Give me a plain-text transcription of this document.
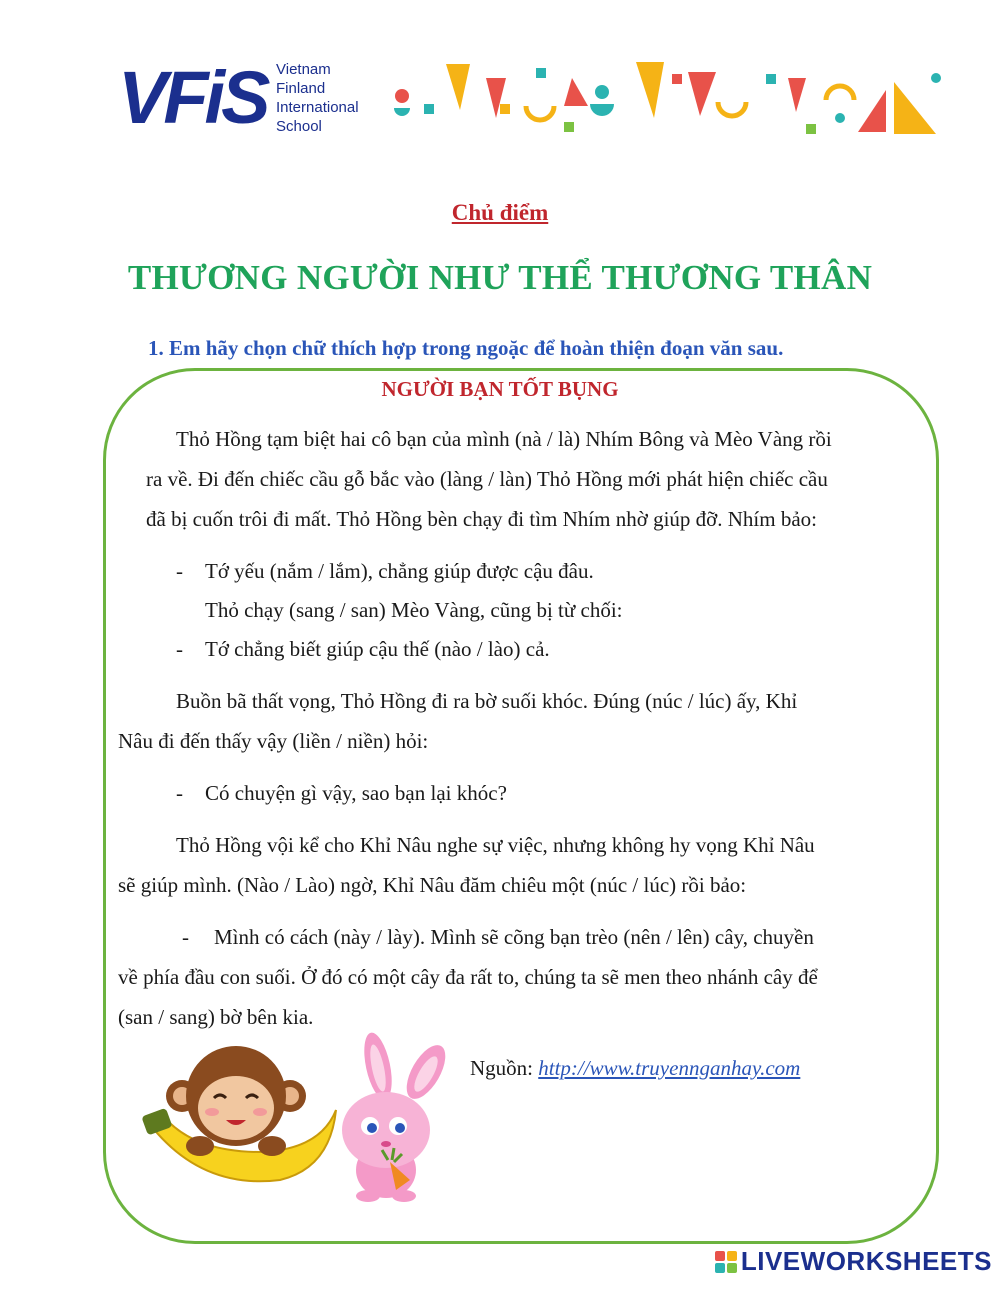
VFiS Vietnam
Finland
International
School
Chủ điểm
THƯƠNG NGƯỜI NHƯ THỂ THƯƠNG THÂN
1. Em hãy chọn chữ thích hợp trong ngoặc để hoàn thiện đoạn văn sau.
NGƯỜI BẠN TỐT BỤNG
Thỏ Hồng tạm biệt hai cô bạn của mình (nà / là) Nhím Bông và Mèo Vàng rồi
ra về. Đi đến chiếc cầu gỗ bắc vào (làng / làn) Thỏ Hồng mới phát hiện chiếc cầu
đã bị cuốn trôi đi mất. Thỏ Hồng bèn chạy đi tìm Nhím nhờ giúp đỡ. Nhím bảo:
- Tớ yếu (nắm / lắm), chẳng giúp được cậu đâu.
Thỏ chạy (sang / san) Mèo Vàng, cũng bị từ chối:
- Tớ chẳng biết giúp cậu thế (nào / lào) cả.
Buồn bã thất vọng, Thỏ Hồng đi ra bờ suối khóc. Đúng (núc / lúc) ấy, Khỉ
Nâu đi đến thấy vậy (liền / niền) hỏi:
- Có chuyện gì vậy, sao bạn lại khóc?
Thỏ Hồng vội kể cho Khỉ Nâu nghe sự việc, nhưng không hy vọng Khỉ Nâu
sẽ giúp mình. (Nào / Lào) ngờ, Khỉ Nâu đăm chiêu một (núc / lúc) rồi bảo:
- Mình có cách (này / lày). Mình sẽ cõng bạn trèo (nên / lên) cây, chuyền
về phía đầu con suối. Ở đó có một cây đa rất to, chúng ta sẽ men theo nhánh cây để
(san / sang) bờ bên kia.
Nguồn: http://www.truyennganhay.com
LIVEWORKSHEETS
